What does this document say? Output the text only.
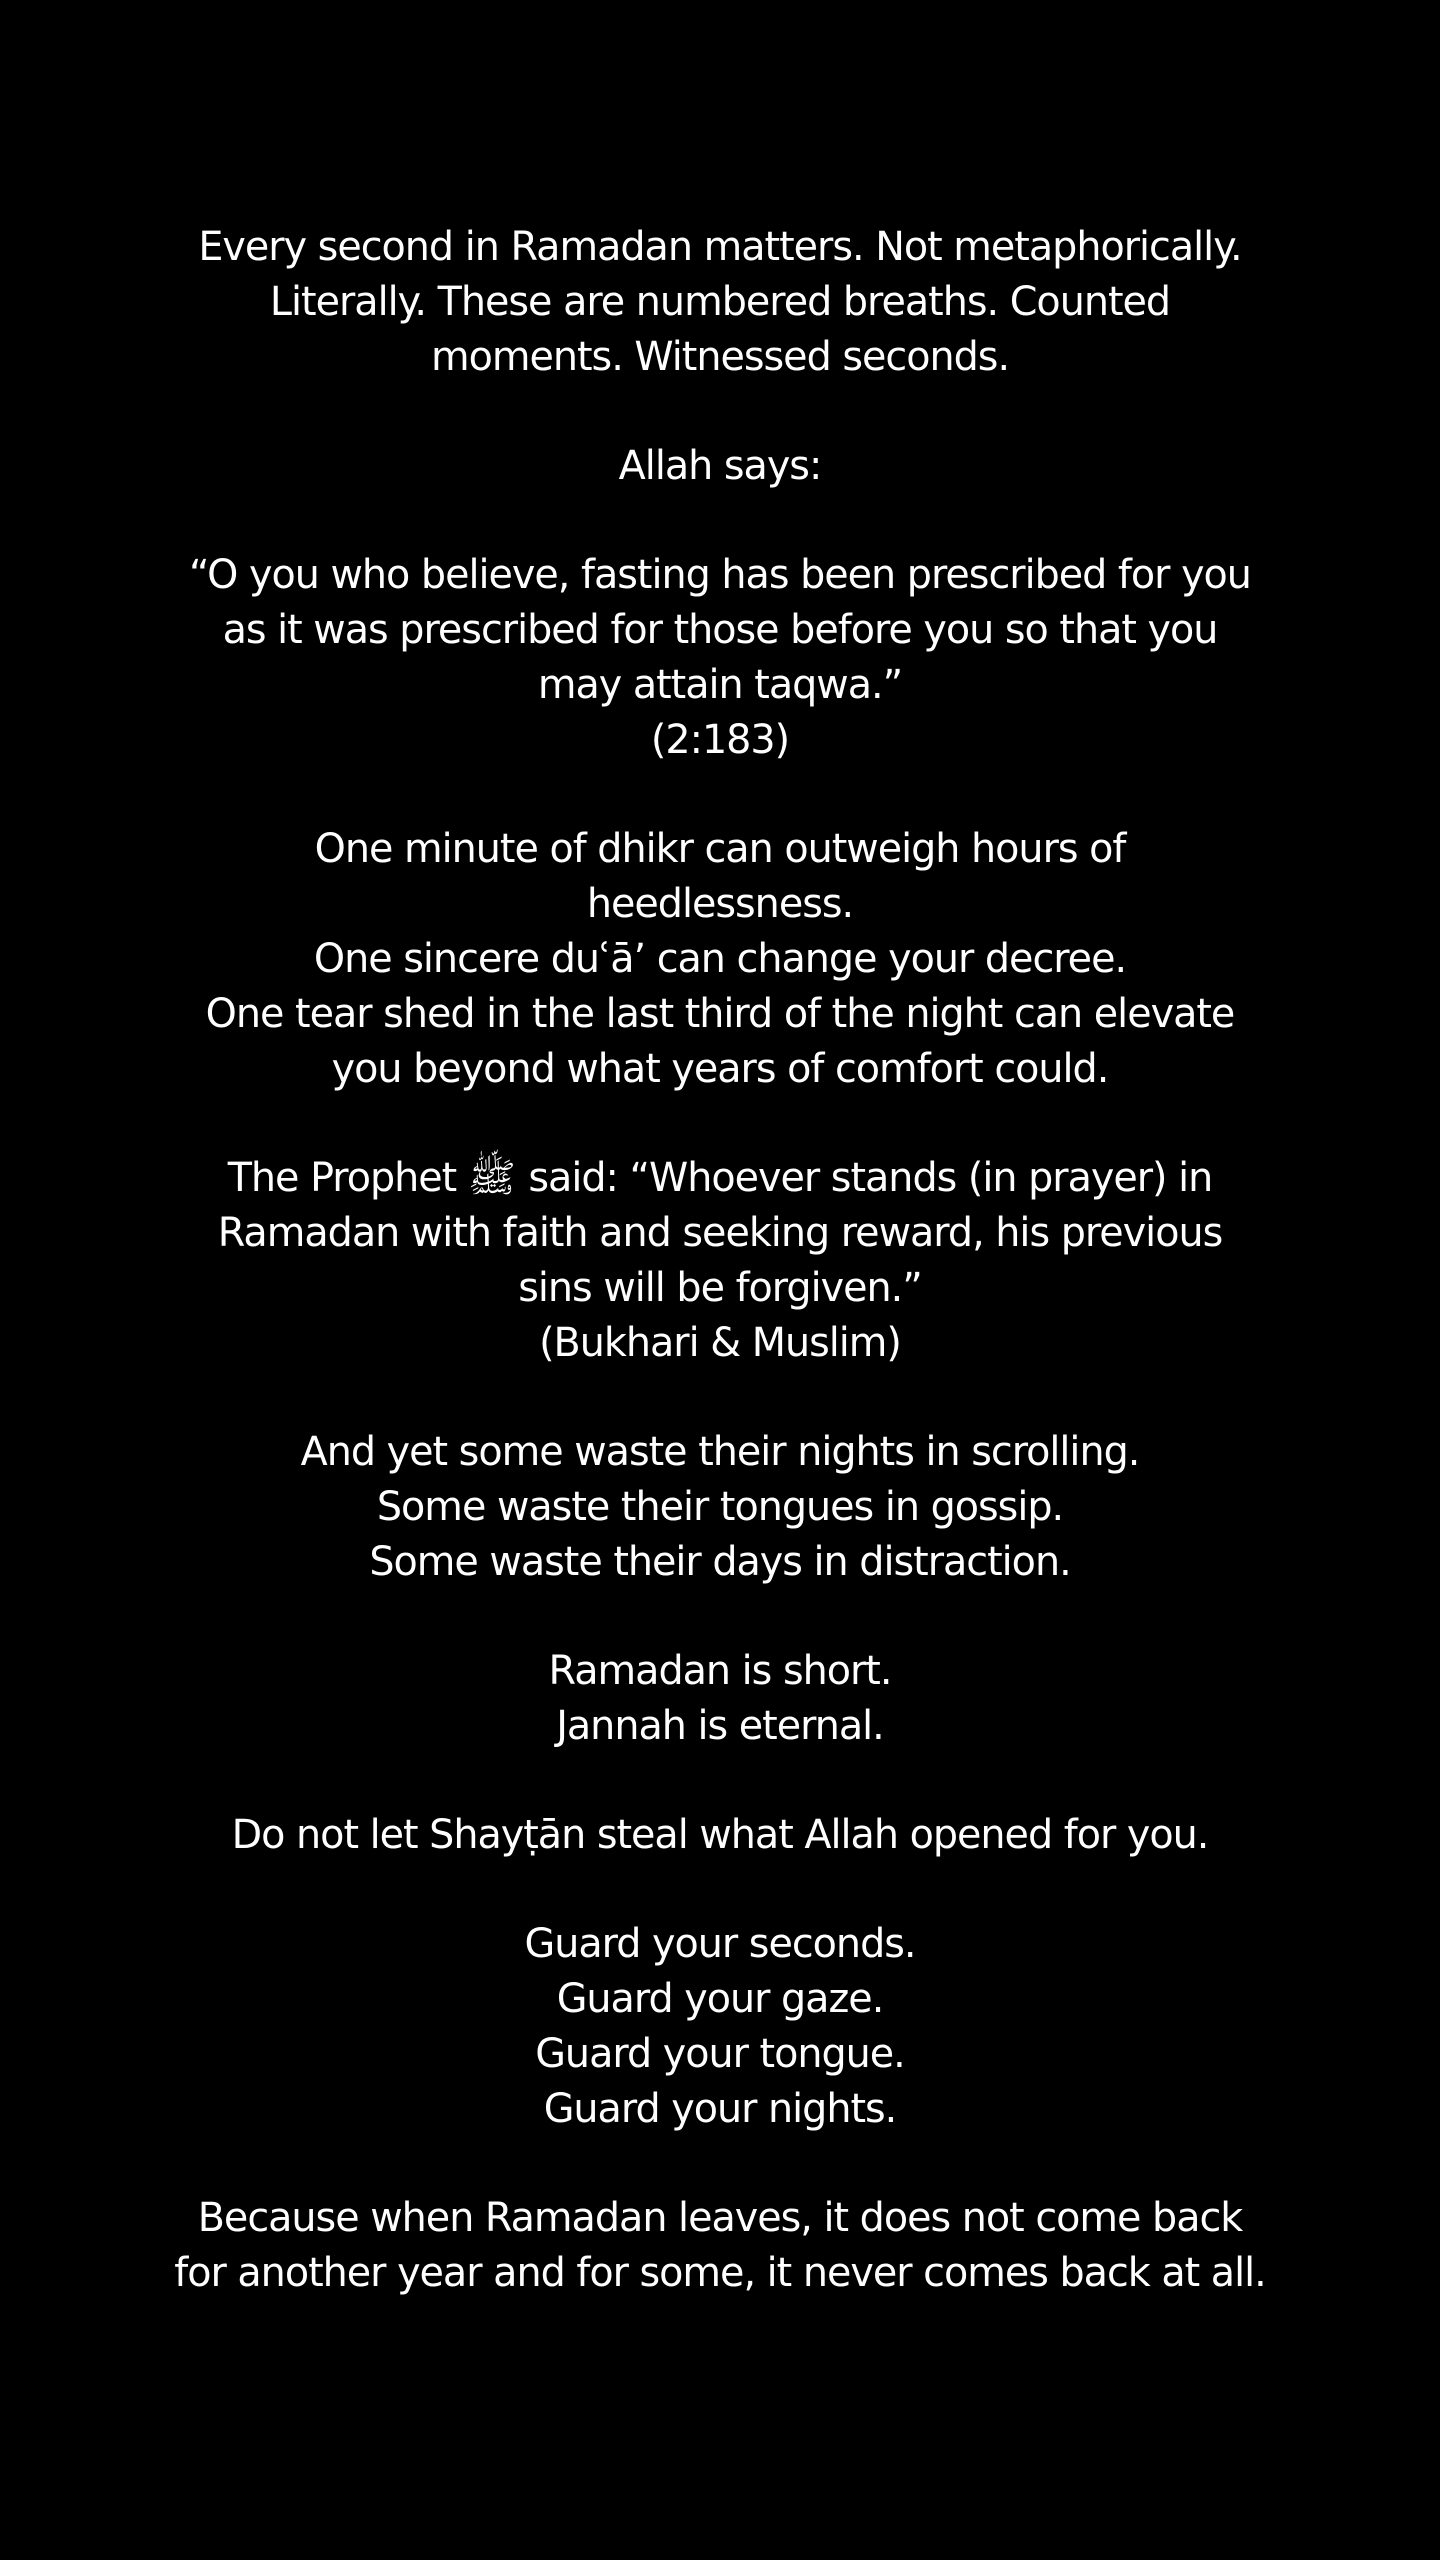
Every second in Ramadan matters. Not metaphorically.
Literally. These are numbered breaths. Counted
moments. Witnessed seconds.

Allah says:

“O you who believe, fasting has been prescribed for you
as it was prescribed for those before you so that you
may attain taqwa.”
(2:183)

One minute of dhikr can outweigh hours of
heedlessness.
One sincere duʿā’ can change your decree.
One tear shed in the last third of the night can elevate
you beyond what years of comfort could.

The Prophet ﷺ said: “Whoever stands (in prayer) in
Ramadan with faith and seeking reward, his previous
sins will be forgiven.”
(Bukhari & Muslim)

And yet some waste their nights in scrolling.
Some waste their tongues in gossip.
Some waste their days in distraction.

Ramadan is short.
Jannah is eternal.

Do not let Shayṭān steal what Allah opened for you.

Guard your seconds.
Guard your gaze.
Guard your tongue.
Guard your nights.

Because when Ramadan leaves, it does not come back
for another year and for some, it never comes back at all.
